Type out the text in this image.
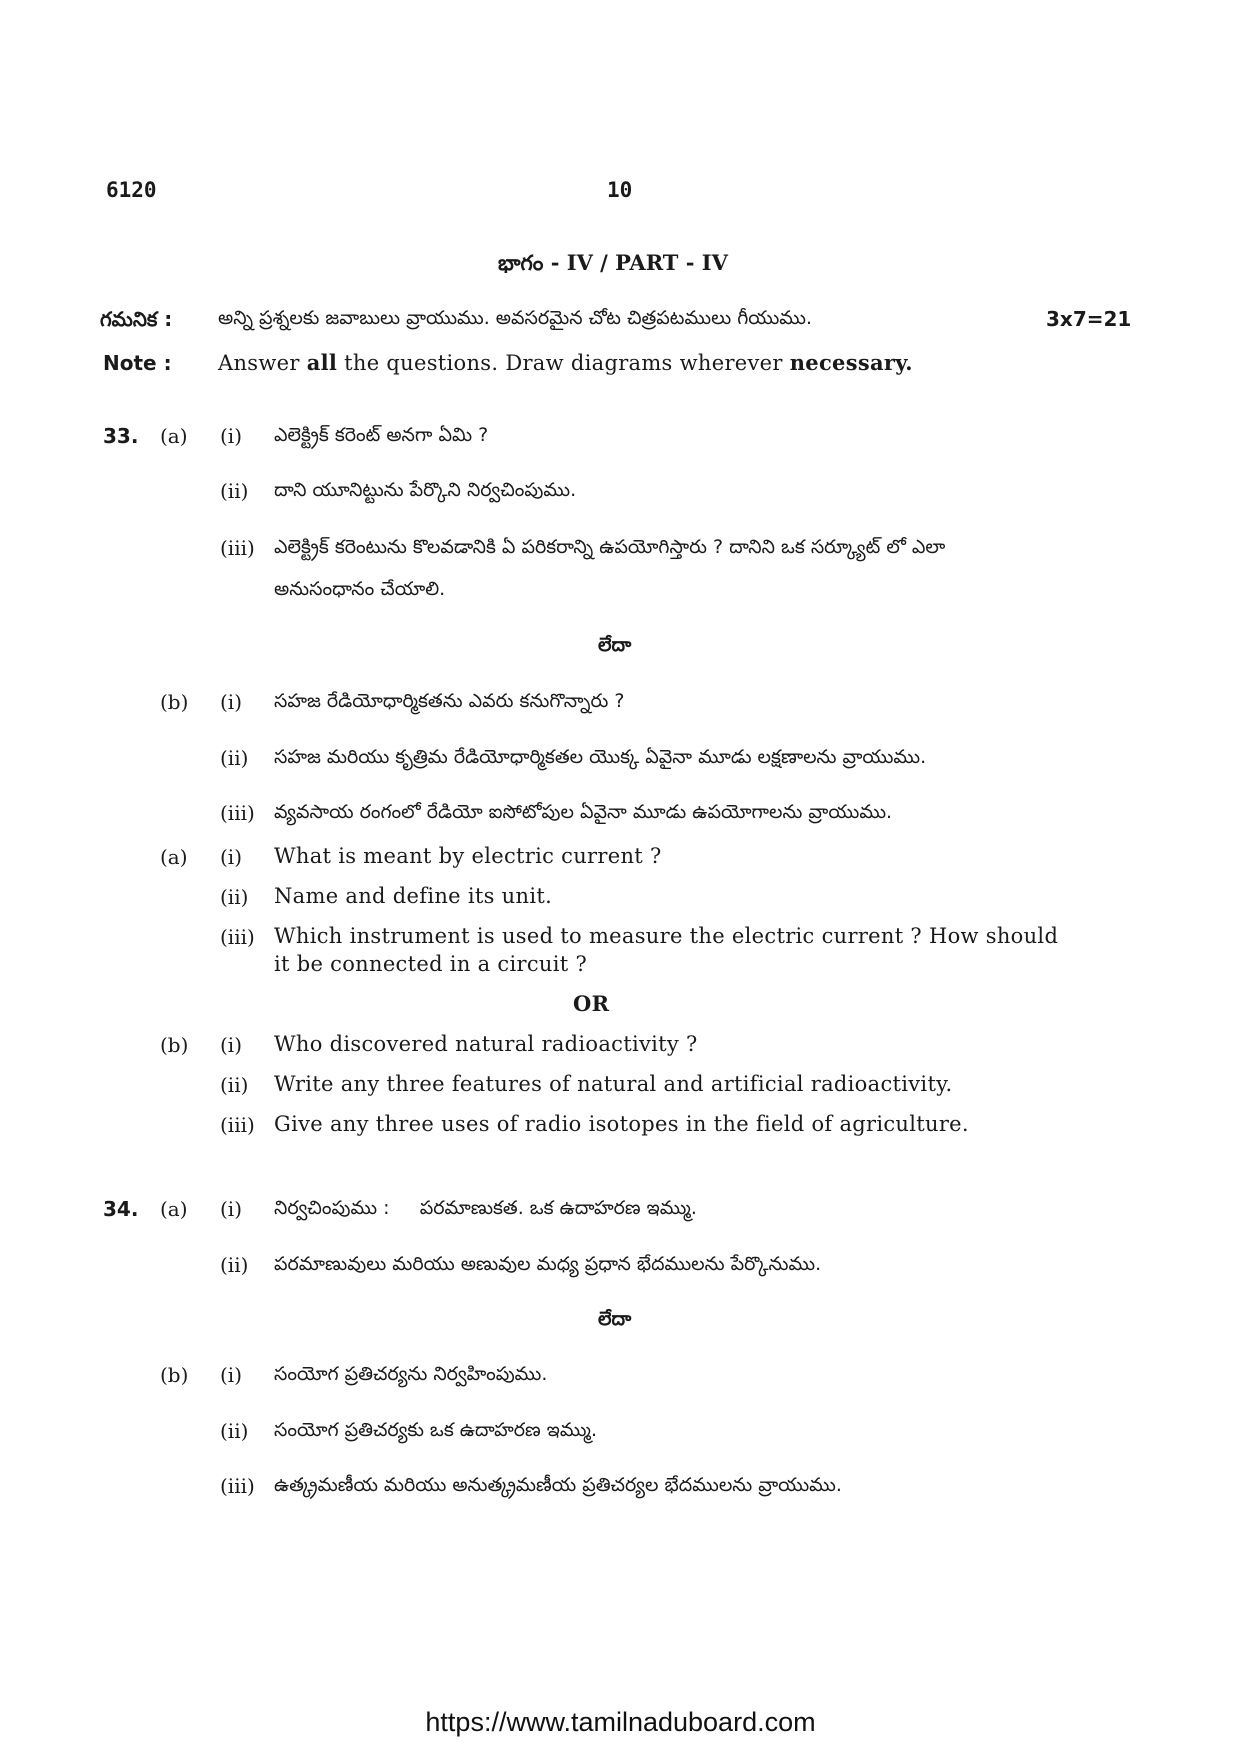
6120	10
భాగం - IV / PART - IV
గమనిక : అన్ని ప్రశ్నలకు జవాబులు వ్రాయుము. అవసరమైన చోట చిత్రపటములు గీయుము.	3x7=21
Note : Answer all the questions. Draw diagrams wherever necessary.
33. (a) (i) ఎలెక్ట్రిక్ కరెంట్ అనగా ఏమి ?
(ii) దాని యూనిట్టును పేర్కొని నిర్వచింపుము.
(iii) ఎలెక్ట్రిక్ కరెంటును కొలవడానికి ఏ పరికరాన్ని ఉపయోగిస్తారు ? దానిని ఒక సర్క్యూట్ లో ఎలా
అనుసంధానం చేయాలి.
లేదా
(b) (i) సహజ రేడియోధార్మికతను ఎవరు కనుగొన్నారు ?
(ii) సహజ మరియు కృత్రిమ రేడియోధార్మికతల యొక్క ఏవైనా మూడు లక్షణాలను వ్రాయుము.
(iii) వ్యవసాయ రంగంలో రేడియో ఐసోటోపుల ఏవైనా మూడు ఉపయోగాలను వ్రాయుము.
(a) (i) What is meant by electric current ?
(ii) Name and define its unit.
(iii) Which instrument is used to measure the electric current ? How should
it be connected in a circuit ?
OR
(b) (i) Who discovered natural radioactivity ?
(ii) Write any three features of natural and artificial radioactivity.
(iii) Give any three uses of radio isotopes in the field of agriculture.
34. (a) (i) నిర్వచింపుము :     పరమాణుకత. ఒక ఉదాహరణ ఇమ్ము.
(ii) పరమాణువులు మరియు అణువుల మధ్య ప్రధాన భేదములను పేర్కొనుము.
లేదా
(b) (i) సంయోగ ప్రతిచర్యను నిర్వహింపుము.
(ii) సంయోగ ప్రతిచర్యకు ఒక ఉదాహరణ ఇమ్ము.
(iii) ఉత్క్రమణీయ మరియు అనుత్క్రమణీయ ప్రతిచర్యల భేదములను వ్రాయుము.
https://www.tamilnaduboard.com
